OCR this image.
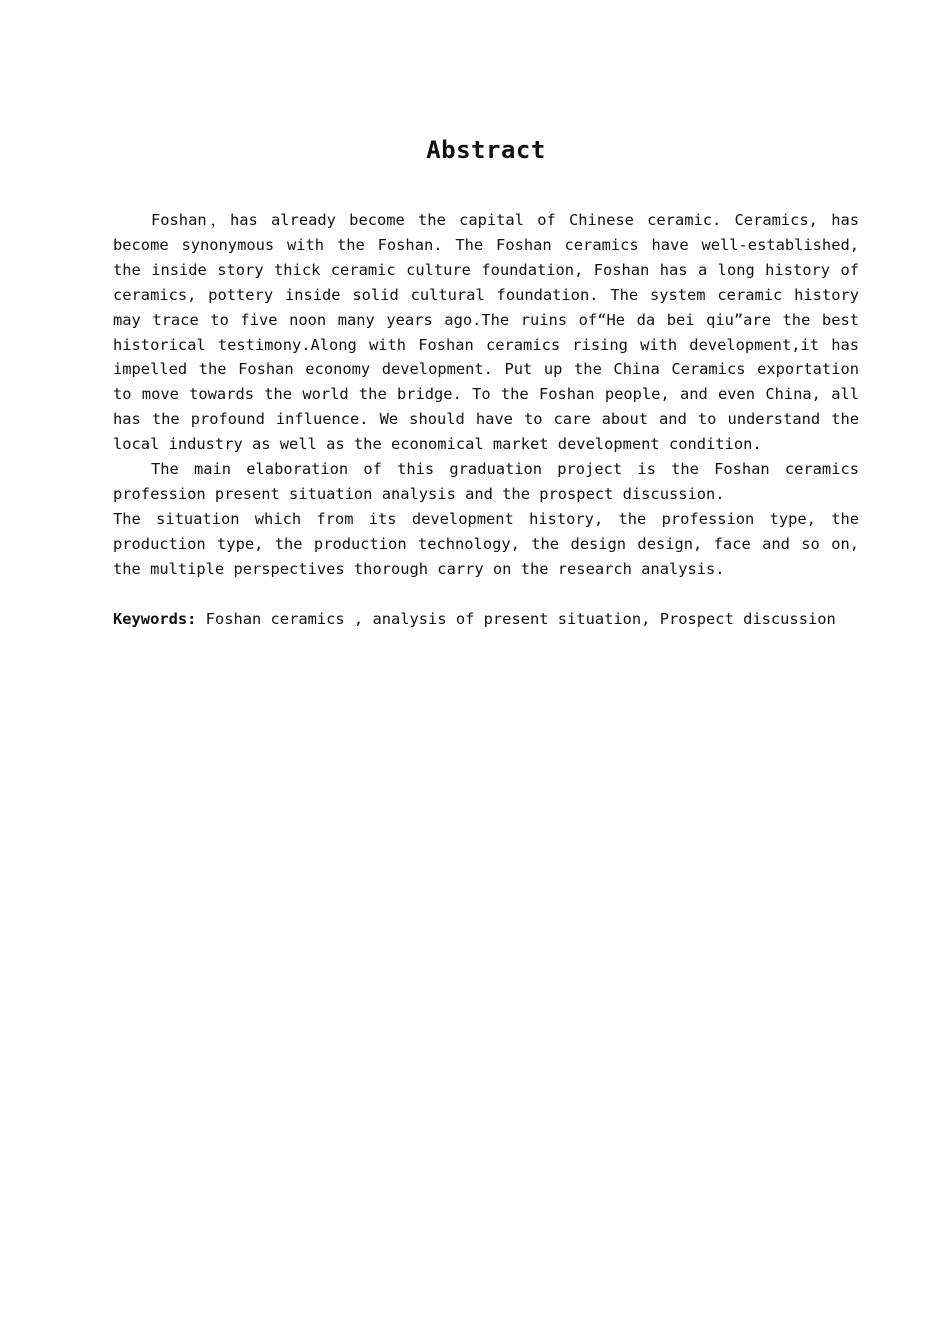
Abstract

Foshan，has already become the capital of Chinese ceramic. Ceramics, has become synonymous with the Foshan. The Foshan ceramics have well-established, the inside story thick ceramic culture foundation, Foshan has a long history of ceramics, pottery inside solid cultural foundation. The system ceramic history may trace to five noon many years ago.The ruins of“He da bei qiu”are the best historical testimony.Along with Foshan ceramics rising with development,it has impelled the Foshan economy development. Put up the China Ceramics exportation to move towards the world the bridge. To the Foshan people, and even China, all has the profound influence. We should have to care about and to understand the local industry as well as the economical market development condition.

The main elaboration of this graduation project is the Foshan ceramics profession present situation analysis and the prospect discussion.

The situation which from its development history, the profession type, the production type, the production technology, the design design, face and so on, the multiple perspectives thorough carry on the research analysis.

Keywords: Foshan ceramics , analysis of present situation, Prospect discussion
